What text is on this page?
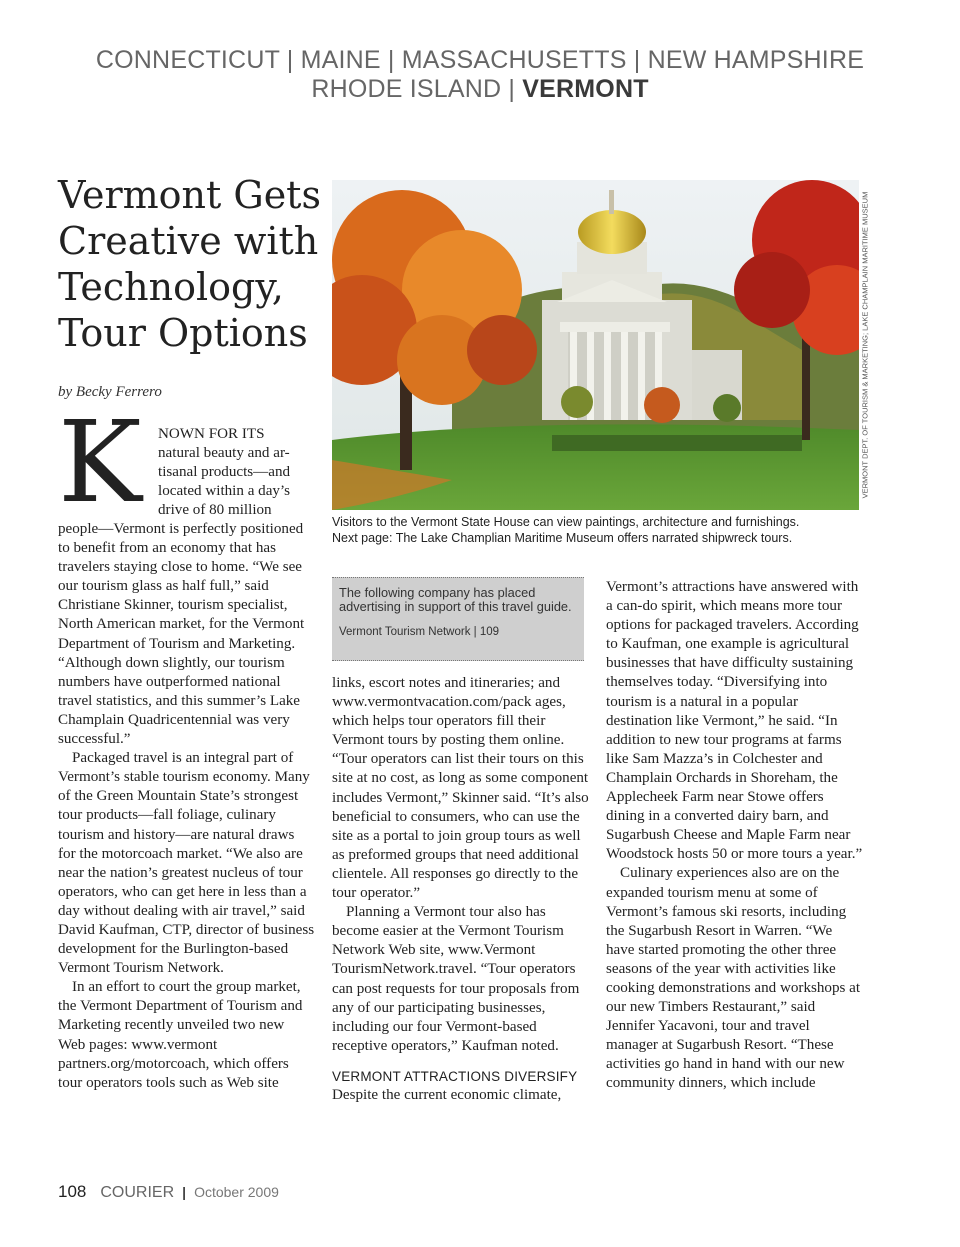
CONNECTICUT | MAINE | MASSACHUSETTS | NEW HAMPSHIRE
RHODE ISLAND | VERMONT
Vermont Gets Creative with Technology, Tour Options
by Becky Ferrero	VERMONT DEPT. OF TOURISM & MARKETING; LAKE CHAMPLAIN MARITIME MUSEUM
Visitors to the Vermont State House can view paintings, architecture and furnishings.
Next page: The Lake Champlian Maritime Museum offers narrated shipwreck tours.
K NOWN FOR ITS

natural beauty and ar-

tisanal products—and

located within a day’s

drive of 80 million

people—Vermont is perfectly positioned to benefit from an economy that has travelers staying close to home. “We see our tourism glass as half full,” said Christiane Skinner, tourism specialist, North American market, for the Vermont Department of Tourism and Marketing. “Although down slightly, our tourism numbers have outperformed national travel statistics, and this summer’s Lake Champlain Quadricentennial was very successful.”

Packaged travel is an integral part of Vermont’s stable tourism economy. Many of the Green Mountain State’s strongest tour products—fall foliage, culinary tourism and history—are natural draws for the motorcoach market. “We also are near the nation’s greatest nucleus of tour operators, who can get here in less than a day without dealing with air travel,” said David Kaufman, CTP, director of business development for the Burlington-based Vermont Tourism Network.

In an effort to court the group market, the Vermont Department of Tourism and Marketing recently unveiled two new Web pages: www.vermont partners.org/motorcoach, which offers tour operators tools such as Web site

The following company has placed advertising in support of this travel guide.

Vermont Tourism Network | 109

links, escort notes and itineraries; and www.vermontvacation.com/pack ages, which helps tour operators fill their Vermont tours by posting them online. “Tour operators can list their tours on this site at no cost, as long as some component includes Vermont,” Skinner said. “It’s also beneficial to consumers, who can use the site as a portal to join group tours as well as preformed groups that need additional clientele. All responses go directly to the tour operator.”

Planning a Vermont tour also has become easier at the Vermont Tourism Network Web site, www.Vermont TourismNetwork.travel. “Tour operators can post requests for tour proposals from any of our participating businesses, including our four Vermont-based receptive operators,” Kaufman noted.

VERMONT ATTRACTIONS DIVERSIFY

Despite the current economic climate,

Vermont’s attractions have answered with a can-do spirit, which means more tour options for packaged travelers. According to Kaufman, one example is agricultural businesses that have difficulty sustaining themselves today. “Diversifying into tourism is a natural in a popular destination like Vermont,” he said. “In addition to new tour programs at farms like Sam Mazza’s in Colchester and Champlain Orchards in Shoreham, the Applecheek Farm near Stowe offers dining in a converted dairy barn, and Sugarbush Cheese and Maple Farm near Woodstock hosts 50 or more tours a year.”

Culinary experiences also are on the expanded tourism menu at some of Vermont’s famous ski resorts, including the Sugarbush Resort in Warren. “We have started promoting the other three seasons of the year with activities like cooking demonstrations and workshops at our new Timbers Restaurant,” said Jennifer Yacavoni, tour and travel manager at Sugarbush Resort. “These activities go hand in hand with our new community dinners, which include

108 COURIER | October 2009
